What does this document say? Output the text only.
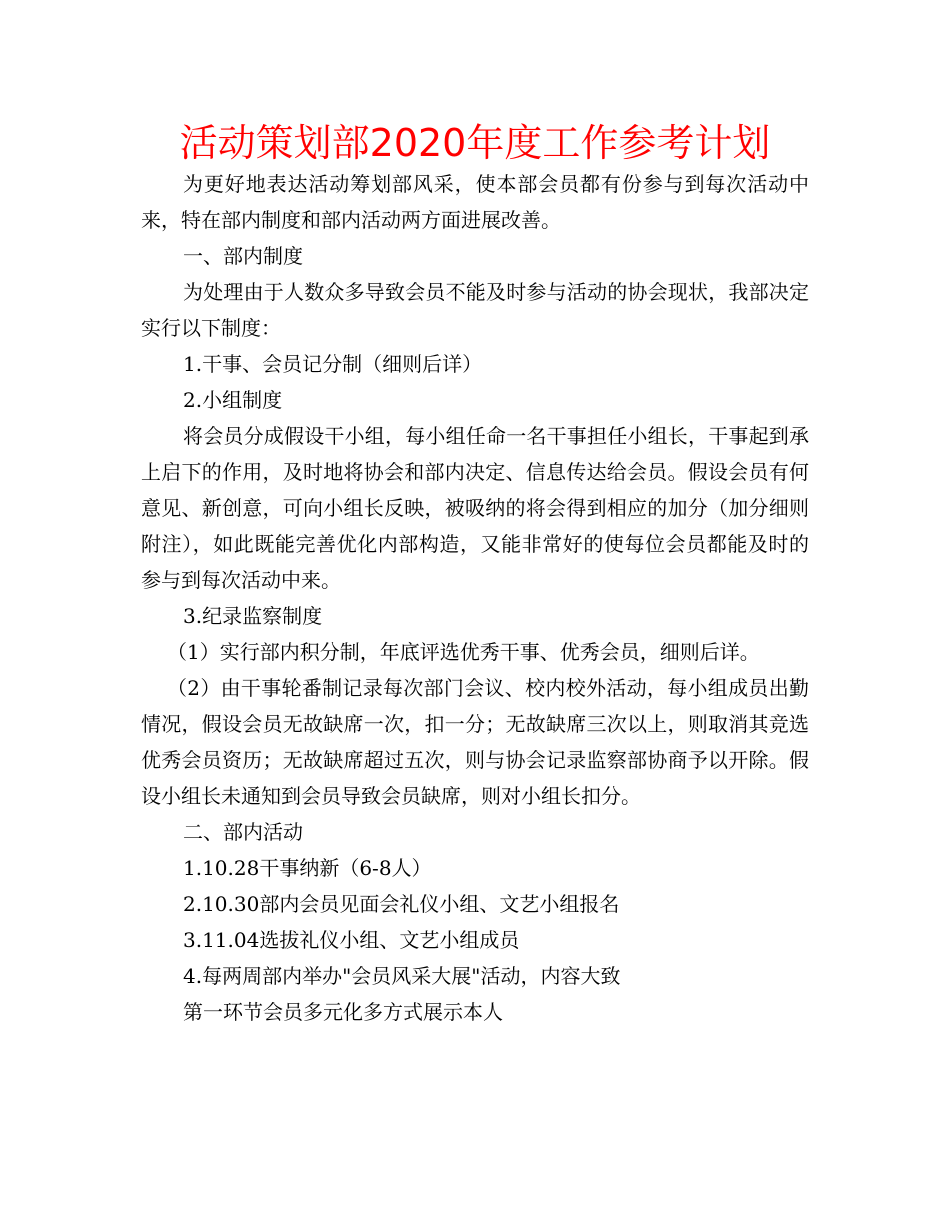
活动策划部2020年度工作参考计划

为更好地表达活动筹划部风采，使本部会员都有份参与到每次活动中来，特在部内制度和部内活动两方面进展改善。

一、部内制度

为处理由于人数众多导致会员不能及时参与活动的协会现状，我部决定实行以下制度：

1.干事、会员记分制（细则后详）

2.小组制度

将会员分成假设干小组，每小组任命一名干事担任小组长，干事起到承上启下的作用，及时地将协会和部内决定、信息传达给会员。假设会员有何意见、新创意，可向小组长反映，被吸纳的将会得到相应的加分（加分细则附注），如此既能完善优化内部构造，又能非常好的使每位会员都能及时的参与到每次活动中来。

3.纪录监察制度

（1）实行部内积分制，年底评选优秀干事、优秀会员，细则后详。

（2）由干事轮番制记录每次部门会议、校内校外活动，每小组成员出勤情况，假设会员无故缺席一次，扣一分；无故缺席三次以上，则取消其竞选优秀会员资历；无故缺席超过五次，则与协会记录监察部协商予以开除。假设小组长未通知到会员导致会员缺席，则对小组长扣分。

二、部内活动

1.10.28干事纳新（6-8人）

2.10.30部内会员见面会礼仪小组、文艺小组报名

3.11.04选拔礼仪小组、文艺小组成员

4.每两周部内举办"会员风采大展"活动，内容大致

第一环节会员多元化多方式展示本人
